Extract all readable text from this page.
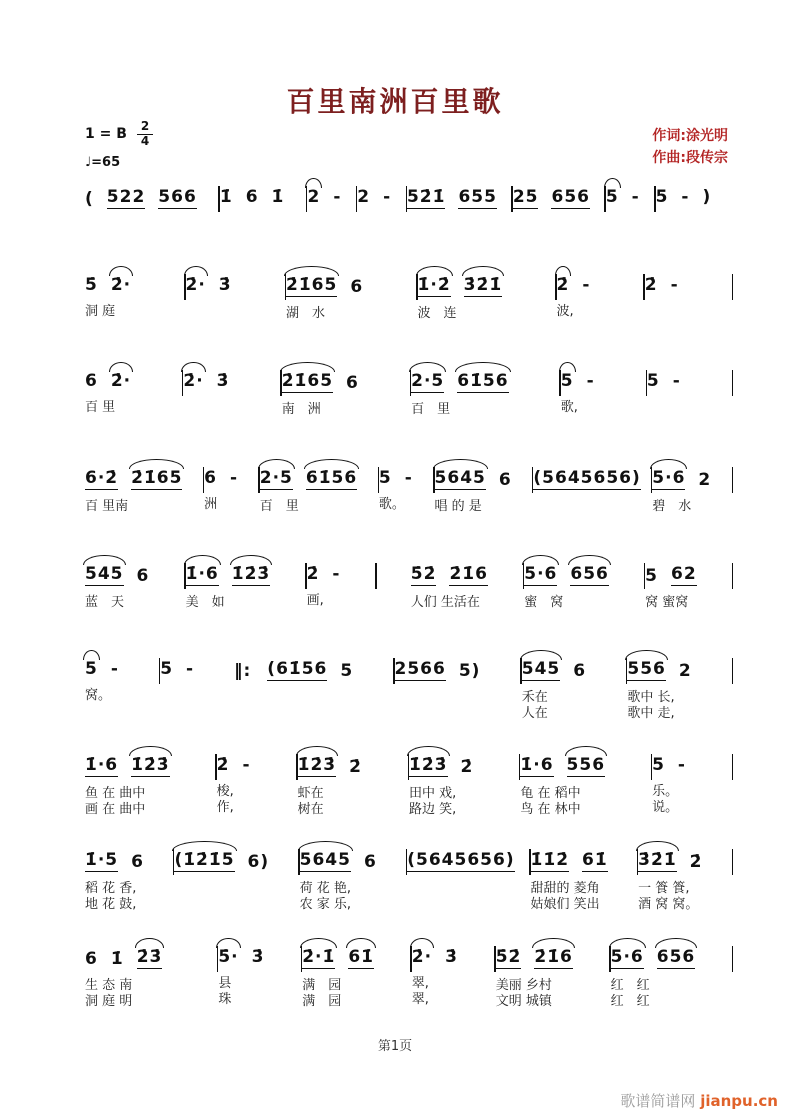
百里南洲百里歌
1 = B $\frac{2}{4}$
♩=65
作词:涂光明
作曲:段传宗
( 522 566 1̇ 6 1̇ 2 - 2 - 52̇1̇ 655 25 656 5 - 5 - )
5̇ 2̇·
洞 庭
2̇· 3̇
	2̇1̇65 6
湖　水
1̇·2̇ 3̇2̇1̇
波　连
2̇ -
波,
2̇ -

6 2̇·
百 里
2̇· 3̇
	2̇1̇65 6
南　洲
2·5 61̇56
百　里
5 -
歌,
5 -

6·2̇ 2̇1̇65
百 里南
6 -
洲
2·5 61̇56
百　里
5 -
歌。
5645 6
唱 的 是
(5645656)
5·6 2
碧　水
545 6
蓝　天
1̇·6 1̇2̇3̇
美　如
2̇ -
画,
5̇2̇ 2̇1̇6
人们 生活在
5·6 656
蜜　窝
5 62
窝 蜜窝
5 -
窝。

5 -

‖: (61̇56 5

2566 5)

545 6
禾在
人在
556 2
歌中 长,
歌中 走,
1̇·6 1̇2̇3̇
鱼 在 曲中
画 在 曲中
2̇ -
梭,
作,
1̇2̇3̇ 2̇
虾在
树在
1̇2̇3̇ 2̇
田中 戏,
路边 笑,
1̇·6 556
龟 在 稻中
鸟 在 林中
5 -
乐。
说。
1̇·5 6
稻 花 香,
地 花 鼓,
(1̇2̇1̇5 6)

5645 6
荷 花 艳,
农 家 乐,
(5645656)

1̇1̇2̇ 61̇
甜甜的 菱角
姑娘们 笑出
3̇2̇1̇ 2̇
一 篒 篒,
酒 窝 窝。
6 1̇ 2̇3̇
生 态 南
洞 庭 明
5̇· 3̇
县
珠
2̇·1̇ 61̇
满　园
满　园
2̇· 3̇
翠,
翠,
5̇2̇ 2̇1̇6
美丽 乡村
文明 城镇
5·6 656
红　红
红　红
第1页
歌谱简谱网 jianpu.cn
